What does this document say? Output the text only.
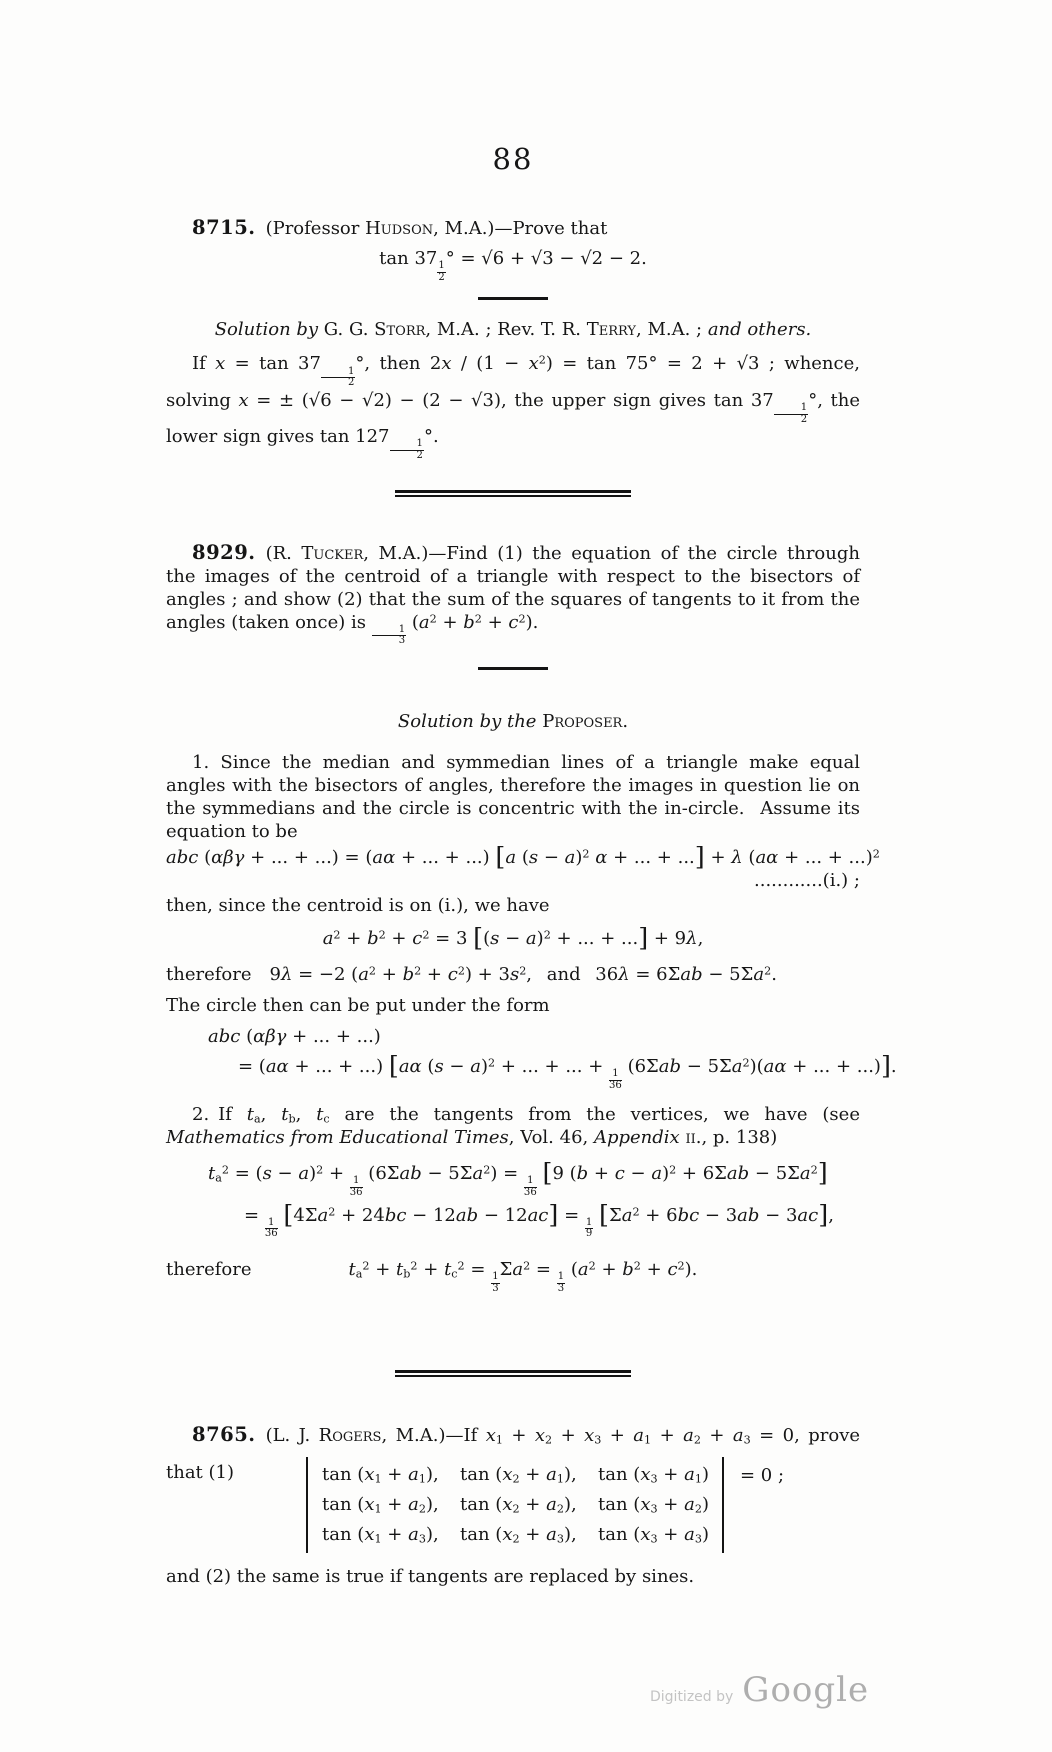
88

8715. (Professor Hudson, M.A.)—Prove that

tan 37
$\frac{1}{2}$
° = √6 + √3 − √2 − 2.

Solution by G. G. Storr, M.A. ; Rev. T. R. Terry, M.A. ; and others.

If x = tan 37
$\frac{1}{2}$
°, then $2x / (1 - x^2) = \tan 75^\circ = 2 + √3$ ; whence, solving x = ± (√6 − √2) − (2 − √3), the upper sign gives tan 37
$\frac{1}{2}$
°, the lower sign gives tan 127
$\frac{1}{2}$
°.

8929. (R. Tucker, M.A.)—Find (1) the equation of the circle through the images of the centroid of a triangle with respect to the bisectors of angles ; and show (2) that the sum of the squares of tangents to it from the angles (taken once) is
$\frac{1}{3}$
$(a^2 + b^2 + c^2)$.

Solution by the Proposer.

1. Since the median and symmedian lines of a triangle make equal angles with the bisectors of angles, therefore the images in question lie on the symmedians and the circle is concentric with the in-circle.  Assume its equation to be

abc (αβγ + ... + ...) = (aα + ... + ...) [a $(s - a)^2$ α + ... + ...] + λ (aα + ... + ...)$^2$
............(i.) ;

then, since the centroid is on (i.), we have

$a^2 + b^2 + c^2 = 3$ [$(s - a)^2$ + ... + ...] + 9λ,
therefore  9λ = −2 $(a^2 + b^2 + c^2) + 3s^2$,  and  $36\lambda = 6\Sigma ab - 5\Sigma a^2$.

The circle then can be put under the form

abc (αβγ + ... + ...)
= (aα + ... + ...) [aα $(s - a)^2$ + ... + ... +
$\frac{1}{36}$
$(6\Sigma ab - 5\Sigma a^2)(a\alpha$ + ... + ...)].

2. If $t_a$, $t_b$, $t_c$ are the tangents from the vertices, we have (see Mathematics from Educational Times, Vol. 46, Appendix ii., p. 138)

$t_a^2 = (s - a)^2$ +
$\frac{1}{36}$
$(6\Sigma ab - 5\Sigma a^2)$ =
$\frac{1}{36} [9$ $(b + c - a)^2 + 6\Sigma ab - 5\Sigma a^2$]
=
$\frac{1}{36} [4\Sigma a^2 + 24bc - 12ab - 12ac]$ =
$\frac{1}{9} [\Sigma a^2 + 6bc - 3ab - 3ac]$,
therefore	$t_a^2 + t_b^2 + t_c^2$ =
$\frac{1}{3}$
$\Sigma a^2$ =
$\frac{1}{3}$
$(a^2 + b^2 + c^2)$.

8765. (L. J. Rogers, M.A.)—If $x_1 + x_2 + x_3 + a_1 + a_2 + a_3 = 0$, prove

that (1)	$\tan (x_1 + a_1)$,	$\tan (x_2 + a_1)$,	$\tan (x_3 + a_1)$
$\tan (x_1 + a_2)$,	$\tan (x_2 + a_2)$,	$\tan (x_3 + a_2)$
$\tan (x_1 + a_3)$,	$\tan (x_2 + a_3)$,	$\tan (x_3 + a_3)$
= 0 ;

and (2) the same is true if tangents are replaced by sines.

Digitized by Google
